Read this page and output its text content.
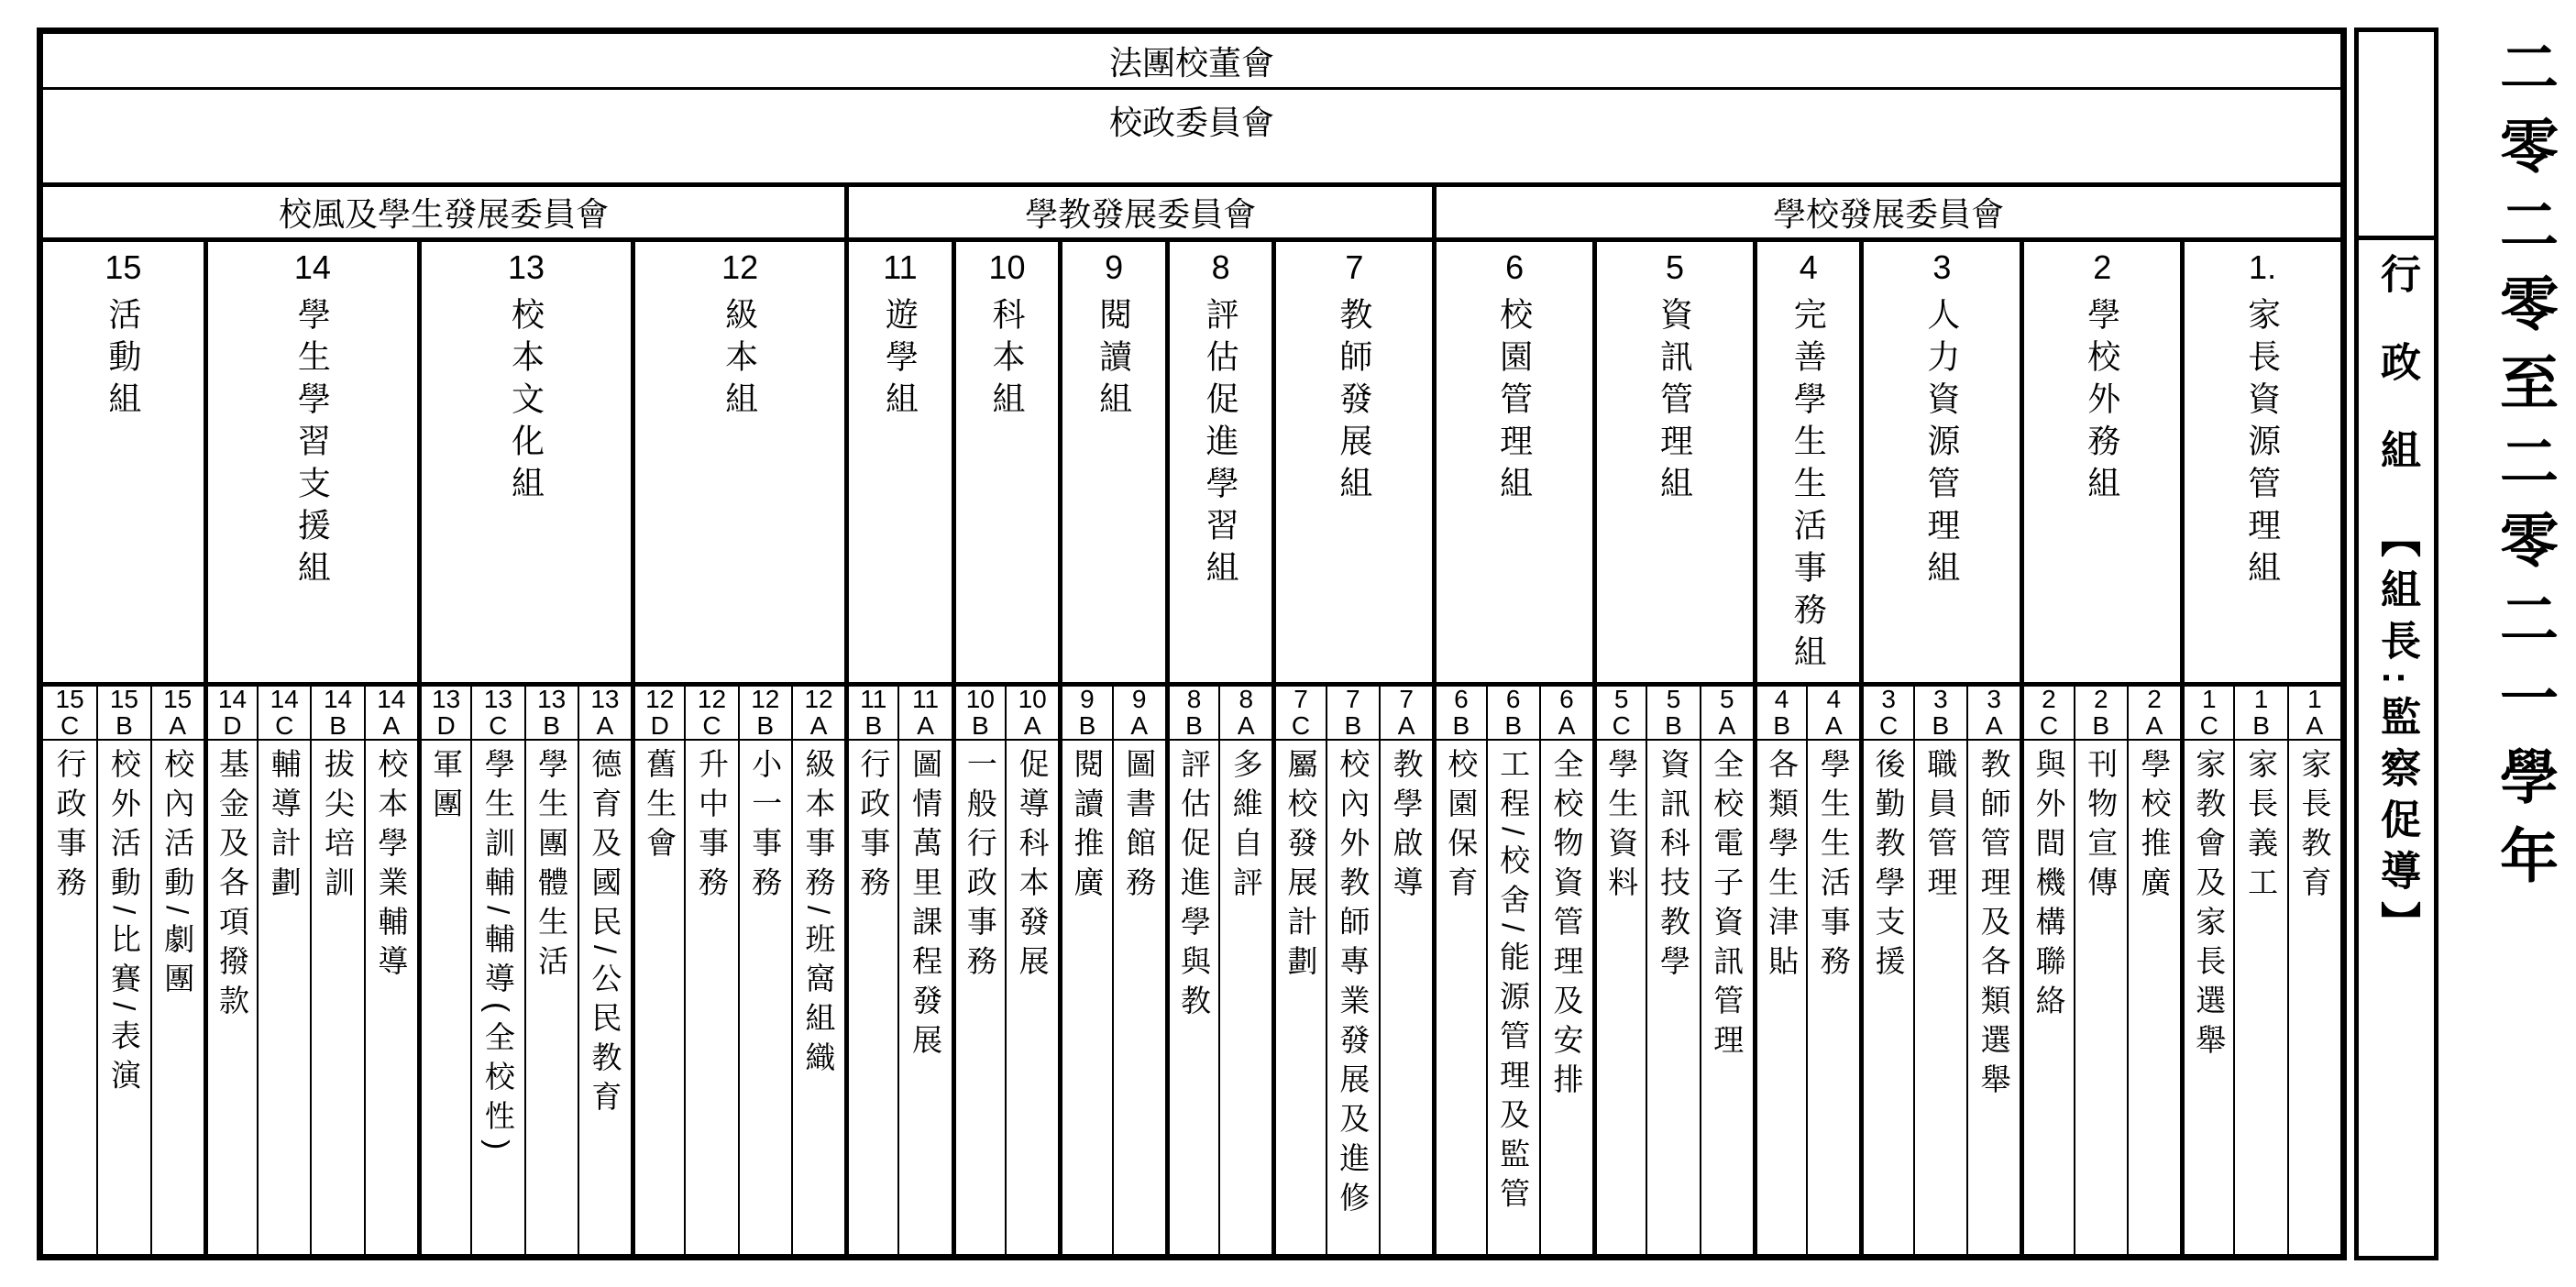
法團校董會
校政委員會
校風及學生發展委員會	學教發展委員會	學校發展委員會
15
活動組
14
學生學習支援組
13
校本文化組
12
級本組
11
遊學組
10
科本組
9
閱讀組
8
評估促進學習組
7
教師發展組
6
校園管理組
5
資訊管理組
4
完善學生生活事務組
3
人力資源管理組
2
學校外務組
1.
家長資源管理組
15
C
15
B
15
A
14
D
14
C
14
B
14
A
13
D
13
C
13
B
13
A
12
D
12
C
12
B
12
A
11
B
11
A
10
B
10
A
9
B
9
A
8
B
8
A
7
C
7
B
7
A
6
B
6
B
6
A
5
C
5
B
5
A
4
B
4
A
3
C
3
B
3
A
2
C
2
B
2
A
1
C
1
B
1
A
行政事務 校外活動/比賽/表演 校內活動/劇團 基金及各項撥款 輔導計劃 拔尖培訓 校本學業輔導 軍團 學生訓輔/輔導(全校性) 學生團體生活 德育及國民/公民教育 舊生會 升中事務 小一事務 級本事務/班窩組織 行政事務 圖情萬里課程發展 一般行政事務 促導科本發展 閱讀推廣 圖書館務 評估促進學與教 多維自評 屬校發展計劃 校內外教師專業發展及進修 教學啟導 校園保育 工程/校舍/能源管理及監管 全校物資管理及安排 學生資料 資訊科技教學 全校電子資訊管理 各類學生津貼 學生生活事務 後勤教學支援 職員管理 教師管理及各類選舉 與外間機構聯絡 刊物宣傳 學校推廣 家教會及家長選舉 家長義工 家長教育
行政組【組長:監察促導】 二零二零至二零二一學年
